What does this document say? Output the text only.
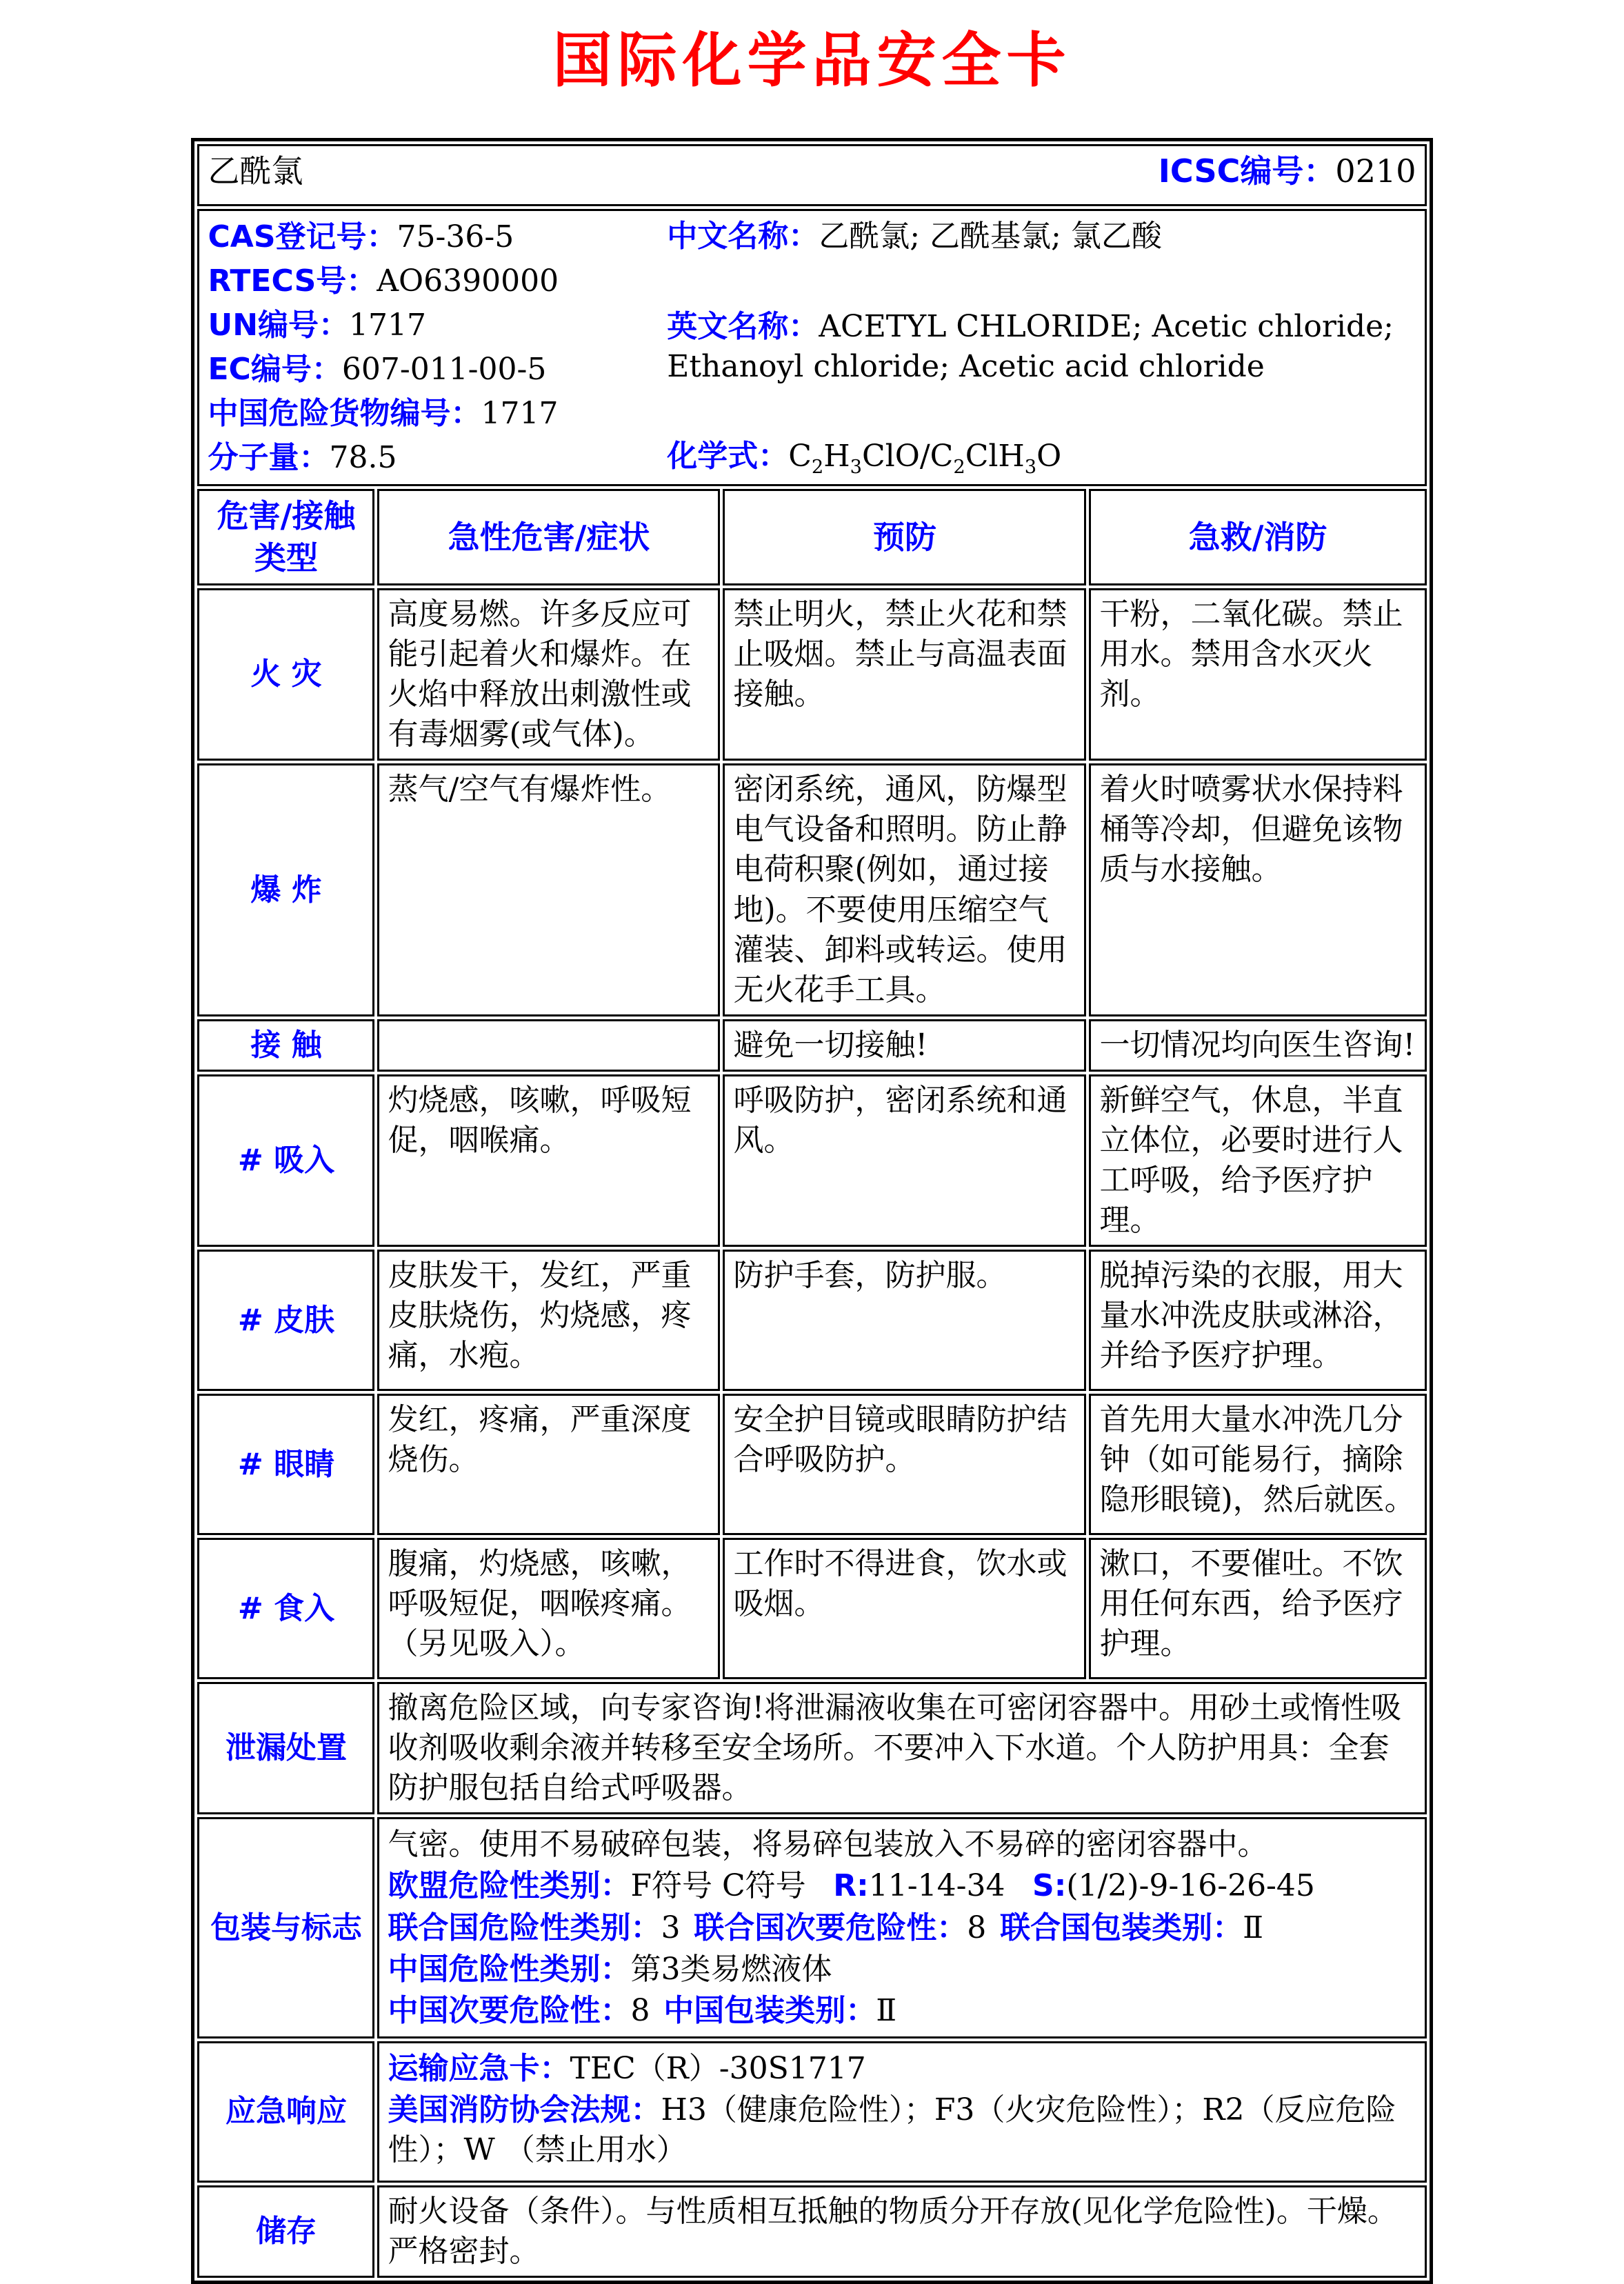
国际化学品安全卡
乙酰氯 ICSC编号：0210			

CAS登记号：75-36-5
RTECS号：AO6390000
UN编号：1717
EC编号：607-011-00-5
中国危险货物编号：1717
分子量：78.5
中文名称：乙酰氯; 乙酰基氯; 氯乙酸
英文名称：ACETYL CHLORIDE; Acetic chloride;
Ethanoyl chloride; Acetic acid chloride
化学式：$C_2H_3ClO/C_2ClH_3O$

危害/接触
类型	急性危害/症状	预防	急救/消防
火 灾	高度易燃。许多反应可能引起着火和爆炸。在火焰中释放出刺激性或有毒烟雾(或气体)。	禁止明火，禁止火花和禁止吸烟。禁止与高温表面接触。	干粉，二氧化碳。禁止用水。禁用含水灭火剂。
爆 炸	蒸气/空气有爆炸性。	密闭系统，通风，防爆型电气设备和照明。防止静电荷积聚(例如，通过接地)。不要使用压缩空气灌装、卸料或转运。使用无火花手工具。	着火时喷雾状水保持料桶等冷却，但避免该物质与水接触。
接 触		避免一切接触!	一切情况均向医生咨询!
# 吸入	灼烧感，咳嗽，呼吸短促，咽喉痛。	呼吸防护，密闭系统和通风。	新鲜空气，休息，半直立体位，必要时进行人工呼吸，给予医疗护理。
# 皮肤	皮肤发干，发红，严重皮肤烧伤，灼烧感，疼痛，水疱。	防护手套，防护服。	脱掉污染的衣服，用大量水冲洗皮肤或淋浴，并给予医疗护理。
# 眼睛	发红，疼痛，严重深度烧伤。	安全护目镜或眼睛防护结合呼吸防护。	首先用大量水冲洗几分钟（如可能易行，摘除隐形眼镜)，然后就医。
# 食入	腹痛，灼烧感，咳嗽，呼吸短促，咽喉疼痛。（另见吸入）。	工作时不得进食，饮水或吸烟。	漱口，不要催吐。不饮用任何东西，给予医疗护理。
泄漏处置	撤离危险区域，向专家咨询!将泄漏液收集在可密闭容器中。用砂土或惰性吸收剂吸收剩余液并转移至安全场所。不要冲入下水道。个人防护用具：全套防护服包括自给式呼吸器。		
包装与标志	气密。使用不易破碎包装，将易碎包装放入不易碎的密闭容器中。
欧盟危险性类别：F符号 C符号 R:11-14-34 S:(1/2)-9-16-26-45
联合国危险性类别：3 联合国次要危险性：8 联合国包装类别：Ⅱ
中国危险性类别：第3类易燃液体
中国次要危险性：8 中国包装类别：Ⅱ		

应急响应	运输应急卡：TEC（R）-30S1717
美国消防协会法规：H3（健康危险性）；F3（火灾危险性）；R2（反应危险性）；W （禁止用水）		

储存	耐火设备（条件）。与性质相互抵触的物质分开存放(见化学危险性)。干燥。严格密封。		
